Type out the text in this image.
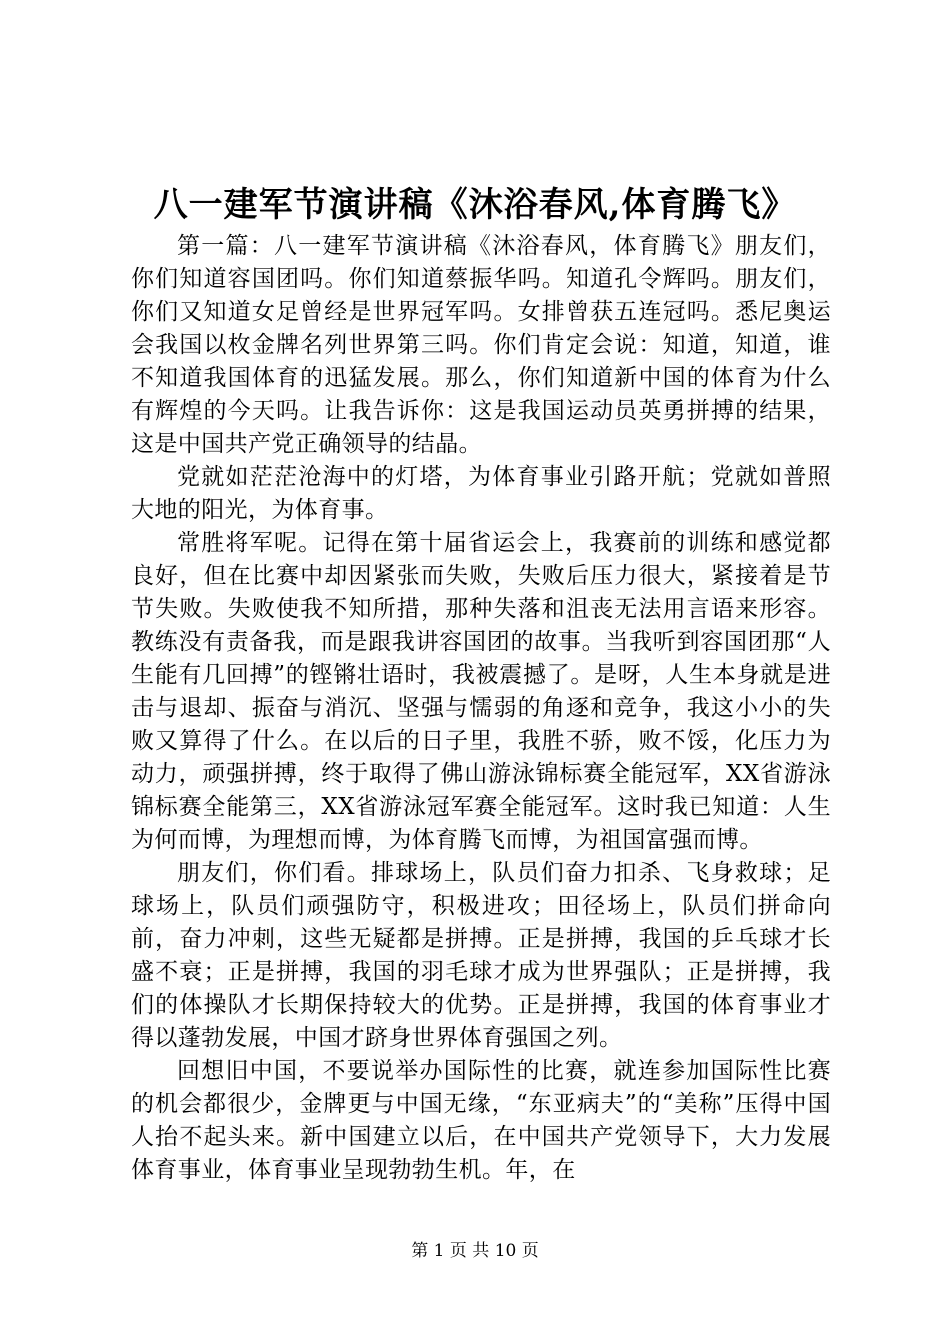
八一建军节演讲稿《沐浴春风,体育腾飞》

第一篇：八一建军节演讲稿《沐浴春风，体育腾飞》朋友们，你们知道容国团吗。你们知道蔡振华吗。知道孔令辉吗。朋友们，你们又知道女足曾经是世界冠军吗。女排曾获五连冠吗。悉尼奥运会我国以枚金牌名列世界第三吗。你们肯定会说：知道，知道，谁不知道我国体育的迅猛发展。那么，你们知道新中国的体育为什么有辉煌的今天吗。让我告诉你：这是我国运动员英勇拼搏的结果，这是中国共产党正确领导的结晶。

党就如茫茫沧海中的灯塔，为体育事业引路开航；党就如普照大地的阳光，为体育事。

常胜将军呢。记得在第十届省运会上，我赛前的训练和感觉都良好，但在比赛中却因紧张而失败，失败后压力很大，紧接着是节节失败。失败使我不知所措，那种失落和沮丧无法用言语来形容。教练没有责备我，而是跟我讲容国团的故事。当我听到容国团那“人生能有几回搏”的铿锵壮语时，我被震撼了。是呀，人生本身就是进击与退却、振奋与消沉、坚强与懦弱的角逐和竞争，我这小小的失败又算得了什么。在以后的日子里，我胜不骄，败不馁，化压力为动力，顽强拼搏，终于取得了佛山游泳锦标赛全能冠军，XX省游泳锦标赛全能第三，XX省游泳冠军赛全能冠军。这时我已知道：人生为何而博，为理想而博，为体育腾飞而博，为祖国富强而博。

朋友们，你们看。排球场上，队员们奋力扣杀、飞身救球；足球场上，队员们顽强防守，积极进攻；田径场上，队员们拼命向前，奋力冲刺，这些无疑都是拼搏。正是拼搏，我国的乒乓球才长盛不衰；正是拼搏，我国的羽毛球才成为世界强队；正是拼搏，我们的体操队才长期保持较大的优势。正是拼搏，我国的体育事业才得以蓬勃发展，中国才跻身世界体育强国之列。

回想旧中国，不要说举办国际性的比赛，就连参加国际性比赛的机会都很少，金牌更与中国无缘，“东亚病夫”的“美称”压得中国人抬不起头来。新中国建立以后，在中国共产党领导下，大力发展体育事业，体育事业呈现勃勃生机。年，在

第 1 页 共 10 页
